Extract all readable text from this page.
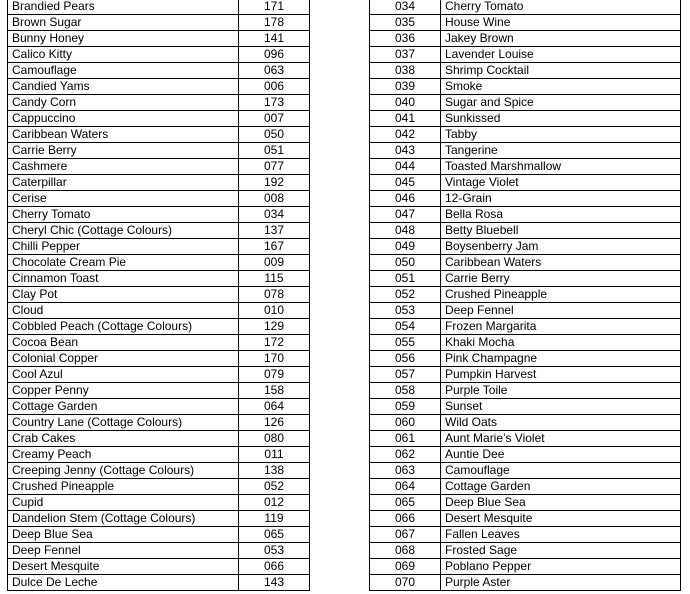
Brandied Pears	171
Brown Sugar	178
Bunny Honey	141
Calico Kitty	096
Camouflage	063
Candied Yams	006
Candy Corn	173
Cappuccino	007
Caribbean Waters	050
Carrie Berry	051
Cashmere	077
Caterpillar	192
Cerise	008
Cherry Tomato	034
Cheryl Chic (Cottage Colours)	137
Chilli Pepper	167
Chocolate Cream Pie	009
Cinnamon Toast	115
Clay Pot	078
Cloud	010
Cobbled Peach (Cottage Colours)	129
Cocoa Bean	172
Colonial Copper	170
Cool Azul	079
Copper Penny	158
Cottage Garden	064
Country Lane (Cottage Colours)	126
Crab Cakes	080
Creamy Peach	011
Creeping Jenny (Cottage Colours)	138
Crushed Pineapple	052
Cupid	012
Dandelion Stem (Cottage Colours)	119
Deep Blue Sea	065
Deep Fennel	053
Desert Mesquite	066
Dulce De Leche	143
034	Cherry Tomato
035	House Wine
036	Jakey Brown
037	Lavender Louise
038	Shrimp Cocktail
039	Smoke
040	Sugar and Spice
041	Sunkissed
042	Tabby
043	Tangerine
044	Toasted Marshmallow
045	Vintage Violet
046	12-Grain
047	Bella Rosa
048	Betty Bluebell
049	Boysenberry Jam
050	Caribbean Waters
051	Carrie Berry
052	Crushed Pineapple
053	Deep Fennel
054	Frozen Margarita
055	Khaki Mocha
056	Pink Champagne
057	Pumpkin Harvest
058	Purple Toile
059	Sunset
060	Wild Oats
061	Aunt Marie’s Violet
062	Auntie Dee
063	Camouflage
064	Cottage Garden
065	Deep Blue Sea
066	Desert Mesquite
067	Fallen Leaves
068	Frosted Sage
069	Poblano Pepper
070	Purple Aster
